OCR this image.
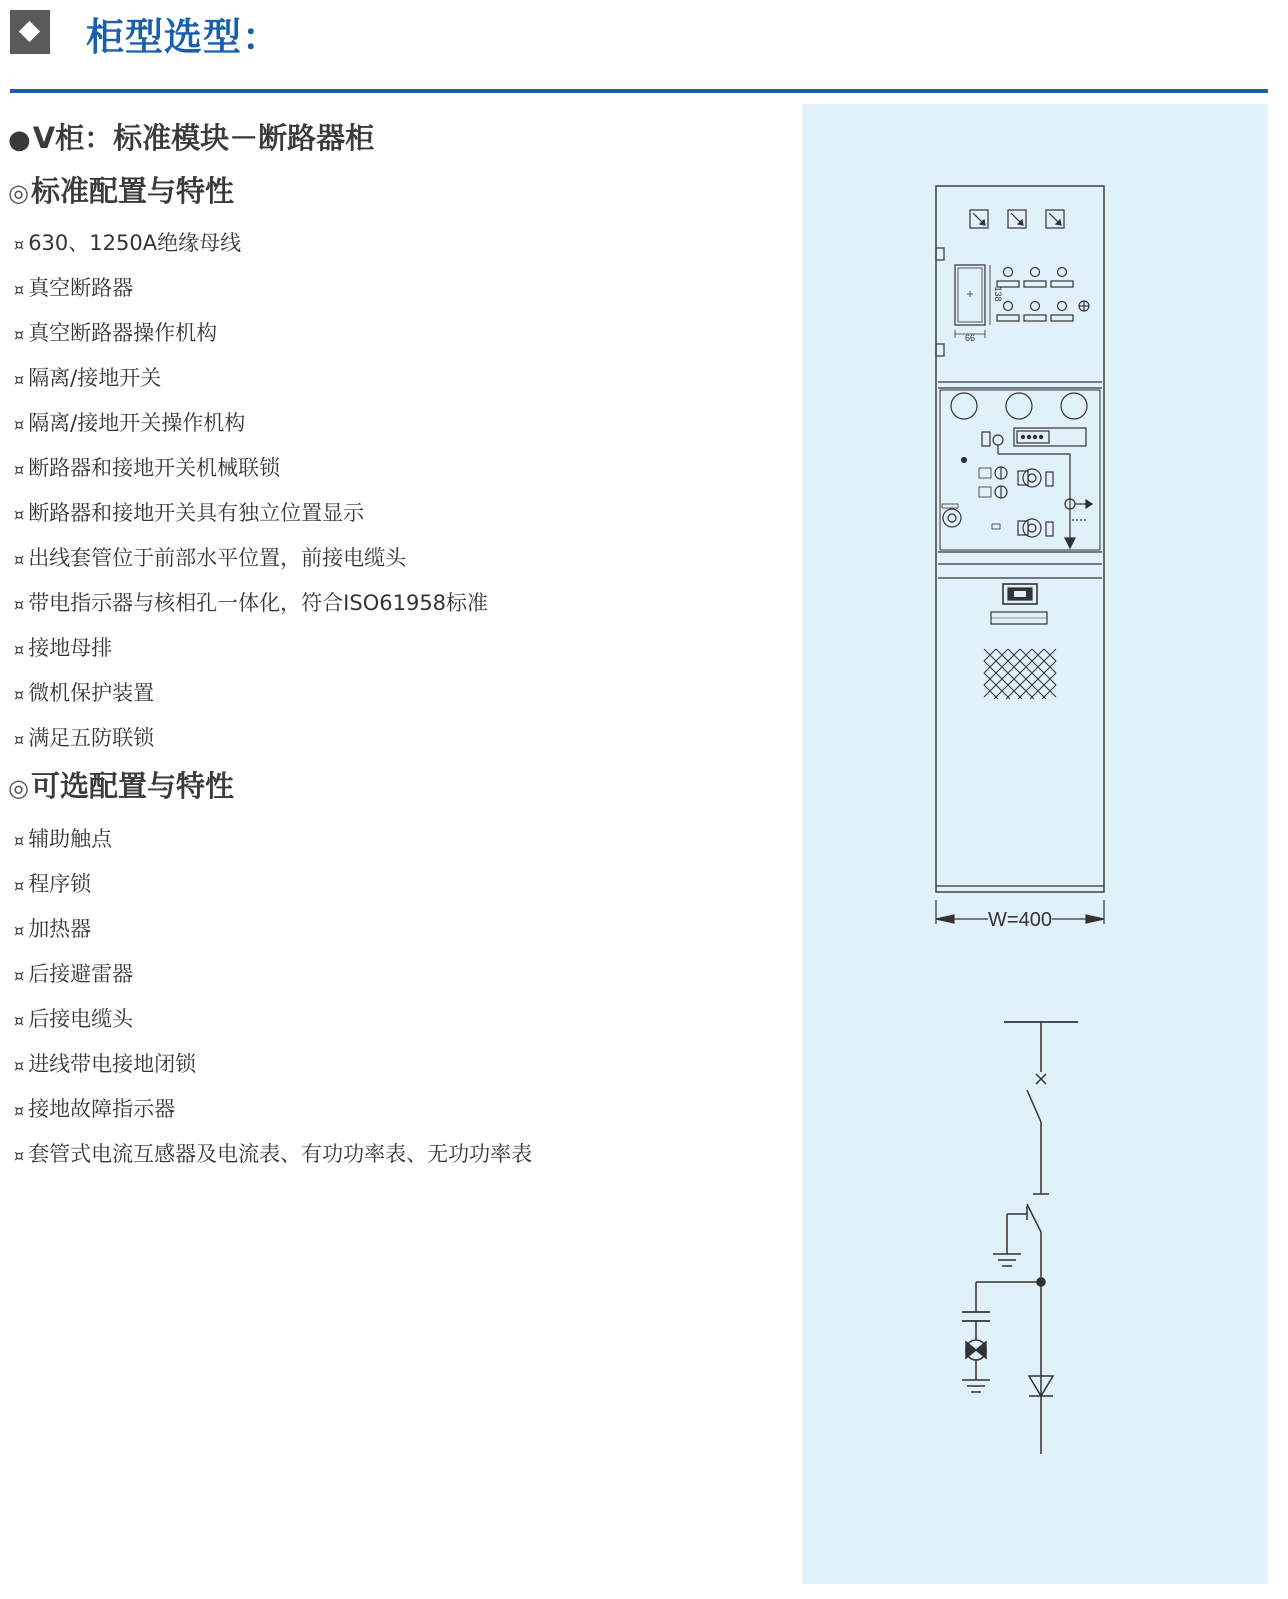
柜型选型：
●V柜：标准模块－断路器柜
◎标准配置与特性
¤ 630、1250A绝缘母线
¤ 真空断路器
¤ 真空断路器操作机构
¤ 隔离/接地开关
¤ 隔离/接地开关操作机构
¤ 断路器和接地开关机械联锁
¤ 断路器和接地开关具有独立位置显示
¤ 出线套管位于前部水平位置，前接电缆头
¤ 带电指示器与核相孔一体化，符合ISO61958标准
¤ 接地母排
¤ 微机保护装置
¤ 满足五防联锁
◎可选配置与特性
¤ 辅助触点
¤ 程序锁
¤ 加热器
¤ 后接避雷器
¤ 后接电缆头
¤ 进线带电接地闭锁
¤ 接地故障指示器
¤ 套管式电流互感器及电流表、有功功率表、无功功率表
138
66
W=400
